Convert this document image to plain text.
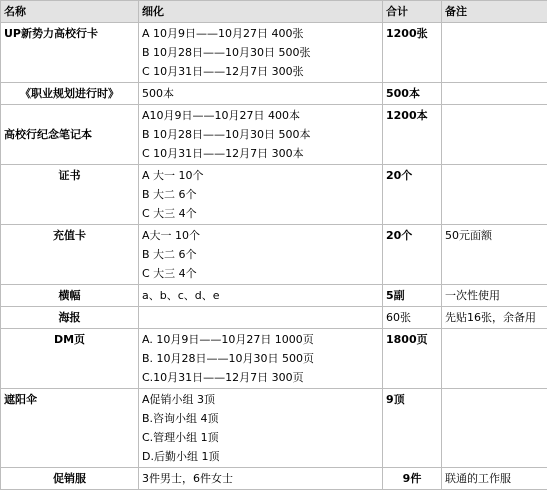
名称	细化	合计	备注
UP新势力高校行卡	A 10月9日——10月27日 400张
B 10月28日——10月30日 500张
C 10月31日——12月7日 300张	1200张	
《职业规划进行时》	500本	500本	
高校行纪念笔记本	A10月9日——10月27日 400本
B 10月28日——10月30日 500本
C 10月31日——12月7日 300本	1200本	
证书	A 大一 10个
B 大二 6个
C 大三 4个	20个	
充值卡	A大一 10个
B 大二 6个
C 大三 4个	20个	50元面额
横幅	a、b、c、d、e	5副	一次性使用
海报		60张	先贴16张，余备用
DM页	A. 10月9日——10月27日 1000页
B. 10月28日——10月30日 500页
C.10月31日——12月7日 300页	1800页	
遮阳伞	A促销小组 3顶
B.咨询小组 4顶
C.管理小组 1顶
D.后勤小组 1顶	9顶	
促销服	3件男士，6件女士	9件	联通的工作服
